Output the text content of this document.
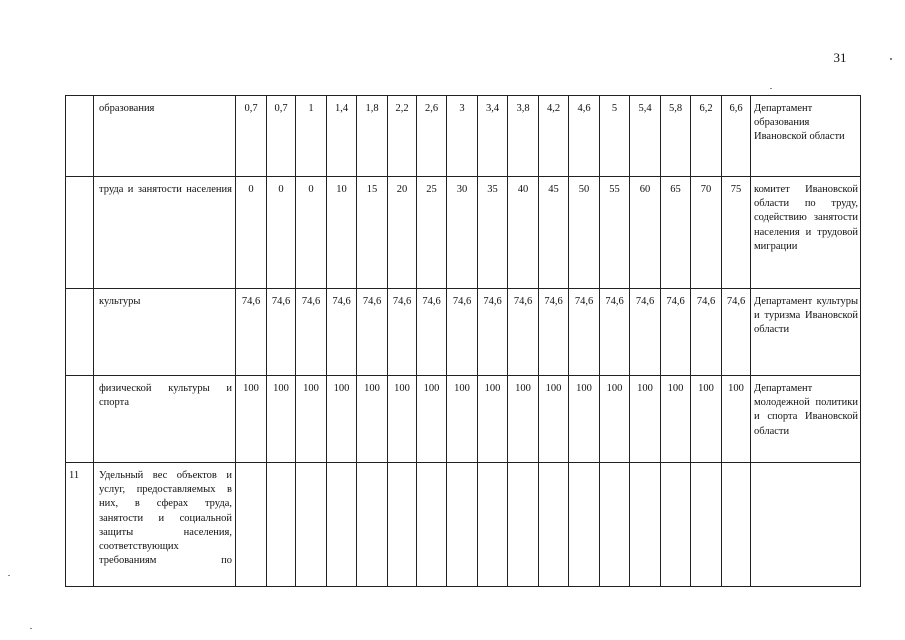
31
	образования	0,7	0,7	1	1,4	1,8	2,2	2,6	3	3,4	3,8	4,2	4,6	5	5,4	5,8	6,2	6,6	Департамент образования Ивановской области
	труда и занятости населения	0	0	0	10	15	20	25	30	35	40	45	50	55	60	65	70	75	комитет Ивановской области по труду, содействию занятости населения и трудовой миграции
	культуры	74,6	74,6	74,6	74,6	74,6	74,6	74,6	74,6	74,6	74,6	74,6	74,6	74,6	74,6	74,6	74,6	74,6	Департамент культуры и туризма Ивановской области
	физической культуры и спорта	100	100	100	100	100	100	100	100	100	100	100	100	100	100	100	100	100	Департамент молодежной политики и спорта Ивановской области
11	Удельный вес объектов и услуг, предоставляемых в них, в сферах труда, занятости и социальной защиты населения, соответствующих требованиям по																		
